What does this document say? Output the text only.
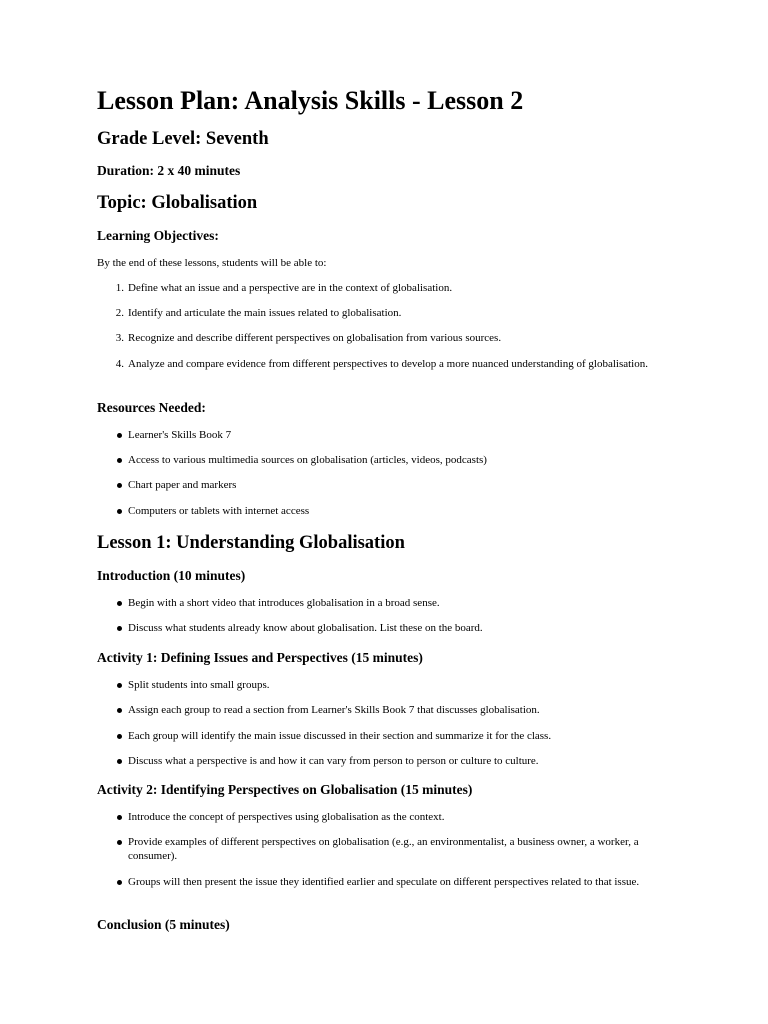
Lesson Plan: Analysis Skills - Lesson 2
Grade Level: Seventh
Duration: 2 x 40 minutes
Topic: Globalisation
Learning Objectives:
By the end of these lessons, students will be able to:
1. Define what an issue and a perspective are in the context of globalisation.
2. Identify and articulate the main issues related to globalisation.
3. Recognize and describe different perspectives on globalisation from various sources.
4. Analyze and compare evidence from different perspectives to develop a more nuanced understanding of globalisation.
Resources Needed:
Learner's Skills Book 7
Access to various multimedia sources on globalisation (articles, videos, podcasts)
Chart paper and markers
Computers or tablets with internet access
Lesson 1: Understanding Globalisation
Introduction (10 minutes)
Begin with a short video that introduces globalisation in a broad sense.
Discuss what students already know about globalisation. List these on the board.
Activity 1: Defining Issues and Perspectives (15 minutes)
Split students into small groups.
Assign each group to read a section from Learner's Skills Book 7 that discusses globalisation.
Each group will identify the main issue discussed in their section and summarize it for the class.
Discuss what a perspective is and how it can vary from person to person or culture to culture.
Activity 2: Identifying Perspectives on Globalisation (15 minutes)
Introduce the concept of perspectives using globalisation as the context.
Provide examples of different perspectives on globalisation (e.g., an environmentalist, a business owner, a worker, a consumer).
Groups will then present the issue they identified earlier and speculate on different perspectives related to that issue.
Conclusion (5 minutes)
